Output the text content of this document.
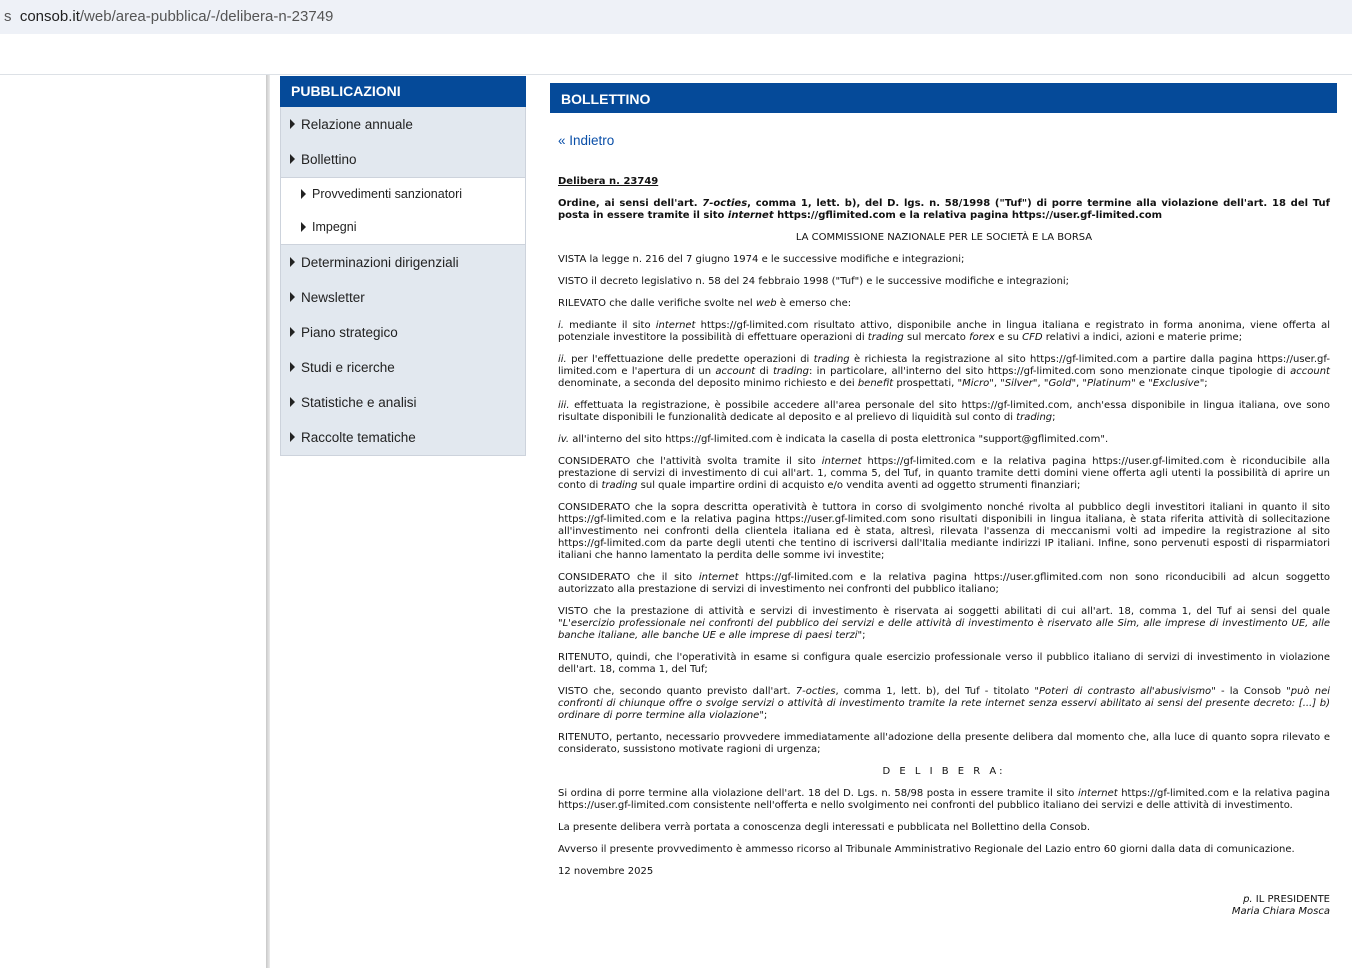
s consob.it/web/area-pubblica/-/delibera-n-23749
PUBBLICAZIONI
Relazione annuale
Bollettino
Provvedimenti sanzionatori
Impegni
Determinazioni dirigenziali
Newsletter
Piano strategico
Studi e ricerche
Statistiche e analisi
Raccolte tematiche
BOLLETTINO
« Indietro

Delibera n. 23749

Ordine, ai sensi dell'art. 7-octies, comma 1, lett. b), del D. lgs. n. 58/1998 ("Tuf") di porre termine alla violazione dell'art. 18 del Tuf posta in essere tramite il sito internet https://gflimited.com e la relativa pagina https://user.gf-limited.com

LA COMMISSIONE NAZIONALE PER LE SOCIETÀ E LA BORSA

VISTA la legge n. 216 del 7 giugno 1974 e le successive modifiche e integrazioni;

VISTO il decreto legislativo n. 58 del 24 febbraio 1998 ("Tuf") e le successive modifiche e integrazioni;

RILEVATO che dalle verifiche svolte nel web è emerso che:

i. mediante il sito internet https://gf-limited.com risultato attivo, disponibile anche in lingua italiana e registrato in forma anonima, viene offerta al potenziale investitore la possibilità di effettuare operazioni di trading sul mercato forex e su CFD relativi a indici, azioni e materie prime;

ii. per l'effettuazione delle predette operazioni di trading è richiesta la registrazione al sito https://gf-limited.com a partire dalla pagina https://user.gf-limited.com e l'apertura di un account di trading: in particolare, all'interno del sito https://gf-limited.com sono menzionate cinque tipologie di account denominate, a seconda del deposito minimo richiesto e dei benefit prospettati, "Micro", "Silver", "Gold", "Platinum" e "Exclusive";

iii. effettuata la registrazione, è possibile accedere all'area personale del sito https://gf-limited.com, anch'essa disponibile in lingua italiana, ove sono risultate disponibili le funzionalità dedicate al deposito e al prelievo di liquidità sul conto di trading;

iv. all'interno del sito https://gf-limited.com è indicata la casella di posta elettronica "support@gflimited.com".

CONSIDERATO che l'attività svolta tramite il sito internet https://gf-limited.com e la relativa pagina https://user.gf-limited.com è riconducibile alla prestazione di servizi di investimento di cui all'art. 1, comma 5, del Tuf, in quanto tramite detti domini viene offerta agli utenti la possibilità di aprire un conto di trading sul quale impartire ordini di acquisto e/o vendita aventi ad oggetto strumenti finanziari;

CONSIDERATO che la sopra descritta operatività è tuttora in corso di svolgimento nonché rivolta al pubblico degli investitori italiani in quanto il sito https://gf-limited.com e la relativa pagina https://user.gf-limited.com sono risultati disponibili in lingua italiana, è stata riferita attività di sollecitazione all'investimento nei confronti della clientela italiana ed è stata, altresì, rilevata l'assenza di meccanismi volti ad impedire la registrazione al sito https://gf-limited.com da parte degli utenti che tentino di iscriversi dall'Italia mediante indirizzi IP italiani. Infine, sono pervenuti esposti di risparmiatori italiani che hanno lamentato la perdita delle somme ivi investite;

CONSIDERATO che il sito internet https://gf-limited.com e la relativa pagina https://user.gflimited.com non sono riconducibili ad alcun soggetto autorizzato alla prestazione di servizi di investimento nei confronti del pubblico italiano;

VISTO che la prestazione di attività e servizi di investimento è riservata ai soggetti abilitati di cui all'art. 18, comma 1, del Tuf ai sensi del quale "L'esercizio professionale nei confronti del pubblico dei servizi e delle attività di investimento è riservato alle Sim, alle imprese di investimento UE, alle banche italiane, alle banche UE e alle imprese di paesi terzi";

RITENUTO, quindi, che l'operatività in esame si configura quale esercizio professionale verso il pubblico italiano di servizi di investimento in violazione dell'art. 18, comma 1, del Tuf;

VISTO che, secondo quanto previsto dall'art. 7-octies, comma 1, lett. b), del Tuf - titolato "Poteri di contrasto all'abusivismo" - la Consob "può nei confronti di chiunque offre o svolge servizi o attività di investimento tramite la rete internet senza esservi abilitato ai sensi del presente decreto: [...] b) ordinare di porre termine alla violazione";

RITENUTO, pertanto, necessario provvedere immediatamente all'adozione della presente delibera dal momento che, alla luce di quanto sopra rilevato e considerato, sussistono motivate ragioni di urgenza;

D E L I B E R A:

Si ordina di porre termine alla violazione dell'art. 18 del D. Lgs. n. 58/98 posta in essere tramite il sito internet https://gf-limited.com e la relativa pagina https://user.gf-limited.com consistente nell'offerta e nello svolgimento nei confronti del pubblico italiano dei servizi e delle attività di investimento.

La presente delibera verrà portata a conoscenza degli interessati e pubblicata nel Bollettino della Consob.

Avverso il presente provvedimento è ammesso ricorso al Tribunale Amministrativo Regionale del Lazio entro 60 giorni dalla data di comunicazione.

12 novembre 2025

p. IL PRESIDENTE

Maria Chiara Mosca
